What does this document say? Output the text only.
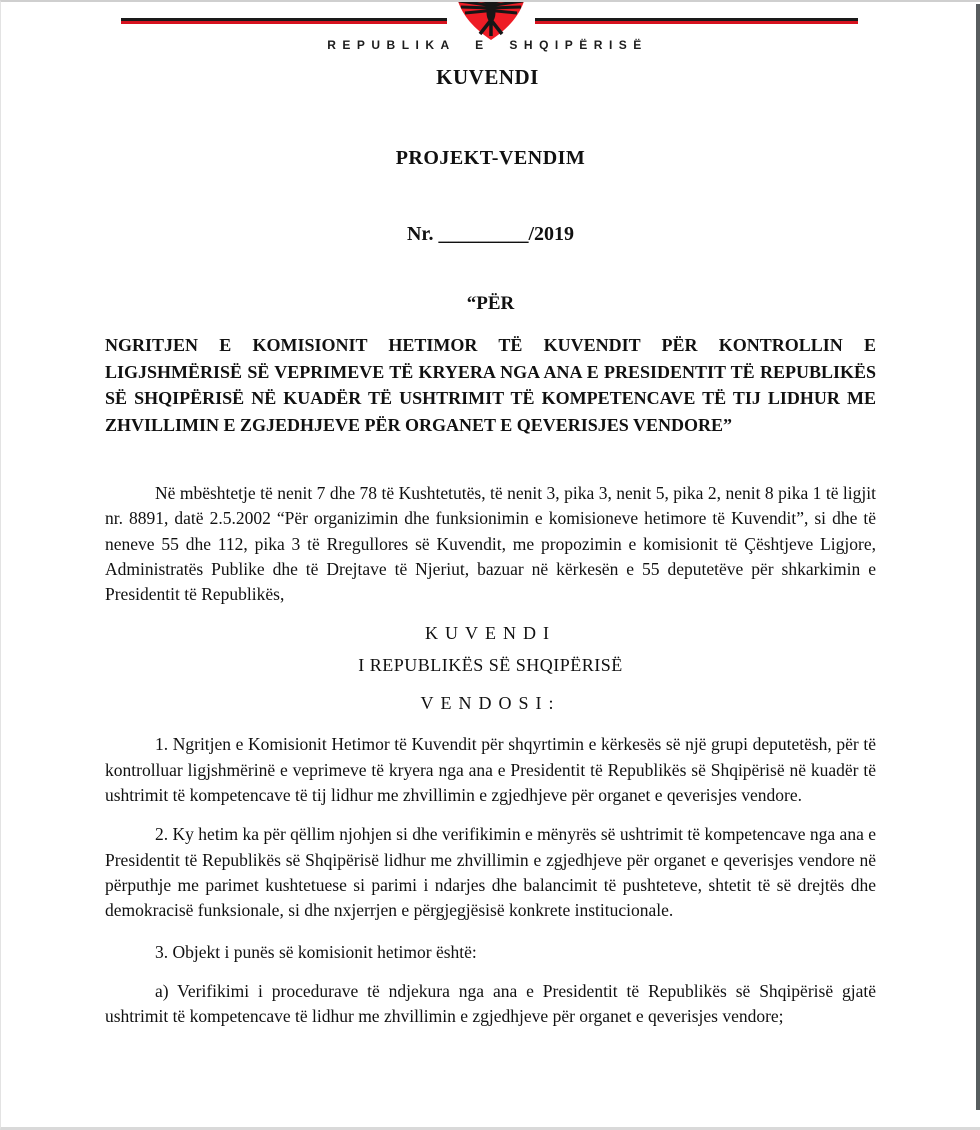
REPUBLIKA E SHQIPËRISË
KUVENDI
PROJEKT-VENDIM
Nr. _________/2019
“PËR
NGRITJEN E KOMISIONIT HETIMOR TË KUVENDIT PËR KONTROLLIN E LIGJSHMËRISË SË VEPRIMEVE TË KRYERA NGA ANA E PRESIDENTIT TË REPUBLIKËS SË SHQIPËRISË NË KUADËR TË USHTRIMIT TË KOMPETENCAVE TË TIJ LIDHUR ME ZHVILLIMIN E ZGJEDHJEVE PËR ORGANET E QEVERISJES VENDORE”

Në mbështetje të nenit 7 dhe 78 të Kushtetutës, të nenit 3, pika 3, nenit 5, pika 2, nenit 8 pika 1 të ligjit nr. 8891, datë 2.5.2002 “Për organizimin dhe funksionimin e komisioneve hetimore të Kuvendit”, si dhe të neneve 55 dhe 112, pika 3 të Rregullores së Kuvendit, me propozimin e komisionit të Çështjeve Ligjore, Administratës Publike dhe të Drejtave të Njeriut, bazuar në kërkesën e 55 deputetëve për shkarkimin e Presidentit të Republikës,

KUVENDI
I REPUBLIKËS SË SHQIPËRISË
VENDOSI:

1. Ngritjen e Komisionit Hetimor të Kuvendit për shqyrtimin e kërkesës së një grupi deputetësh, për të kontrolluar ligjshmërinë e veprimeve të kryera nga ana e Presidentit të Republikës së Shqipërisë në kuadër të ushtrimit të kompetencave të tij lidhur me zhvillimin e zgjedhjeve për organet e qeverisjes vendore.

2. Ky hetim ka për qëllim njohjen si dhe verifikimin e mënyrës së ushtrimit të kompetencave nga ana e Presidentit të Republikës së Shqipërisë lidhur me zhvillimin e zgjedhjeve për organet e qeverisjes vendore në përputhje me parimet kushtetuese si parimi i ndarjes dhe balancimit të pushteteve, shtetit të së drejtës dhe demokracisë funksionale, si dhe nxjerrjen e përgjegjësisë konkrete institucionale.

3. Objekt i punës së komisionit hetimor është:

a) Verifikimi i procedurave të ndjekura nga ana e Presidentit të Republikës së Shqipërisë gjatë ushtrimit të kompetencave të lidhur me zhvillimin e zgjedhjeve për organet e qeverisjes vendore;
